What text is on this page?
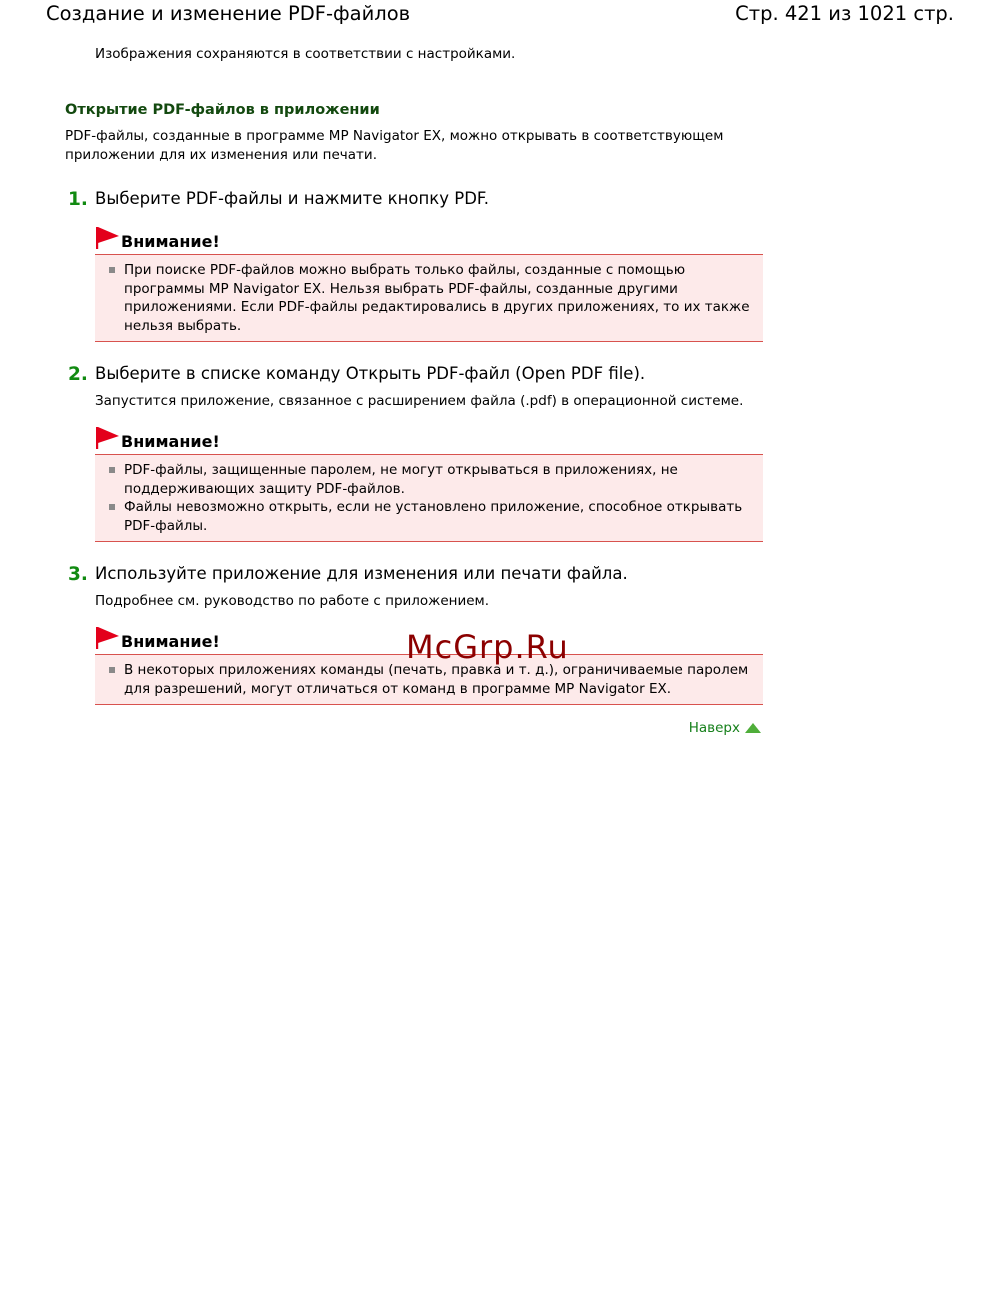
Создание и изменение PDF-файлов	Стр. 421 из 1021 стр.
Изображения сохраняются в соответствии с настройками.
Открытие PDF-файлов в приложении
PDF-файлы, созданные в программе MP Navigator EX, можно открывать в соответствующем
приложении для их изменения или печати.
1. Выберите PDF-файлы и нажмите кнопку PDF.
Внимание!
При поиске PDF-файлов можно выбрать только файлы, созданные с помощью программы MP Navigator EX. Нельзя выбрать PDF-файлы, созданные другими приложениями. Если PDF-файлы редактировались в других приложениях, то их также нельзя выбрать.
2. Выберите в списке команду Открыть PDF-файл (Open PDF file).
Запустится приложение, связанное с расширением файла (.pdf) в операционной системе.
Внимание!
PDF-файлы, защищенные паролем, не могут открываться в приложениях, не поддерживающих защиту PDF-файлов.
Файлы невозможно открыть, если не установлено приложение, способное открывать PDF-файлы.
3. Используйте приложение для изменения или печати файла.
Подробнее см. руководство по работе с приложением.
Внимание!
В некоторых приложениях команды (печать, правка и т. д.), ограничиваемые паролем для разрешений, могут отличаться от команд в программе MP Navigator EX.
McGrp.Ru
Наверх
